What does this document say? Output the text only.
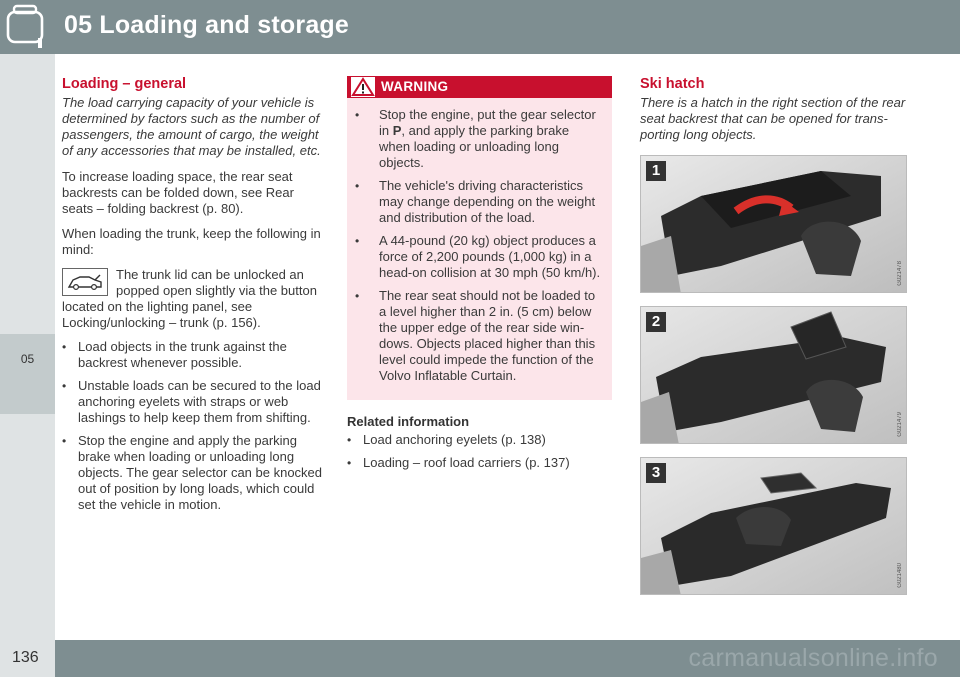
05 Loading and storage
05
Loading – general

The load carrying capacity of your vehicle is determined by factors such as the number of passengers, the amount of cargo, the weight of any accessories that may be installed, etc.

To increase loading space, the rear seat backrests can be folded down, see Rear seats – folding backrest (p. 80).

When loading the trunk, keep the following in mind:

The trunk lid can be unlocked an popped open slightly via the button located on the lighting panel, see Locking/unlocking – trunk (p. 156).

• Load objects in the trunk against the backrest whenever possible.
• Unstable loads can be secured to the load anchoring eyelets with straps or web lashings to help keep them from shifting.
• Stop the engine and apply the parking brake when loading or unloading long objects. The gear selector can be knocked out of position by long loads, which could set the vehicle in motion.
WARNING
• Stop the engine, put the gear selector in P, and apply the parking brake when loading or unloading long objects.
• The vehicle's driving characteristics may change depending on the weight and distribution of the load.
• A 44-pound (20 kg) object produces a force of 2,200 pounds (1,000 kg) in a head-on collision at 30 mph (50 km/h).
• The rear seat should not be loaded to a level higher than 2 in. (5 cm) below the upper edge of the rear side win-dows. Objects placed higher than this level could impede the function of the Volvo Inflatable Curtain.
Related information
• Load anchoring eyelets (p. 138)
• Loading – roof load carriers (p. 137)
Ski hatch

There is a hatch in the right section of the rear seat backrest that can be opened for trans-porting long objects.

1
G021478
2
G021479
3
G021480
carmanualsonline.info
136
